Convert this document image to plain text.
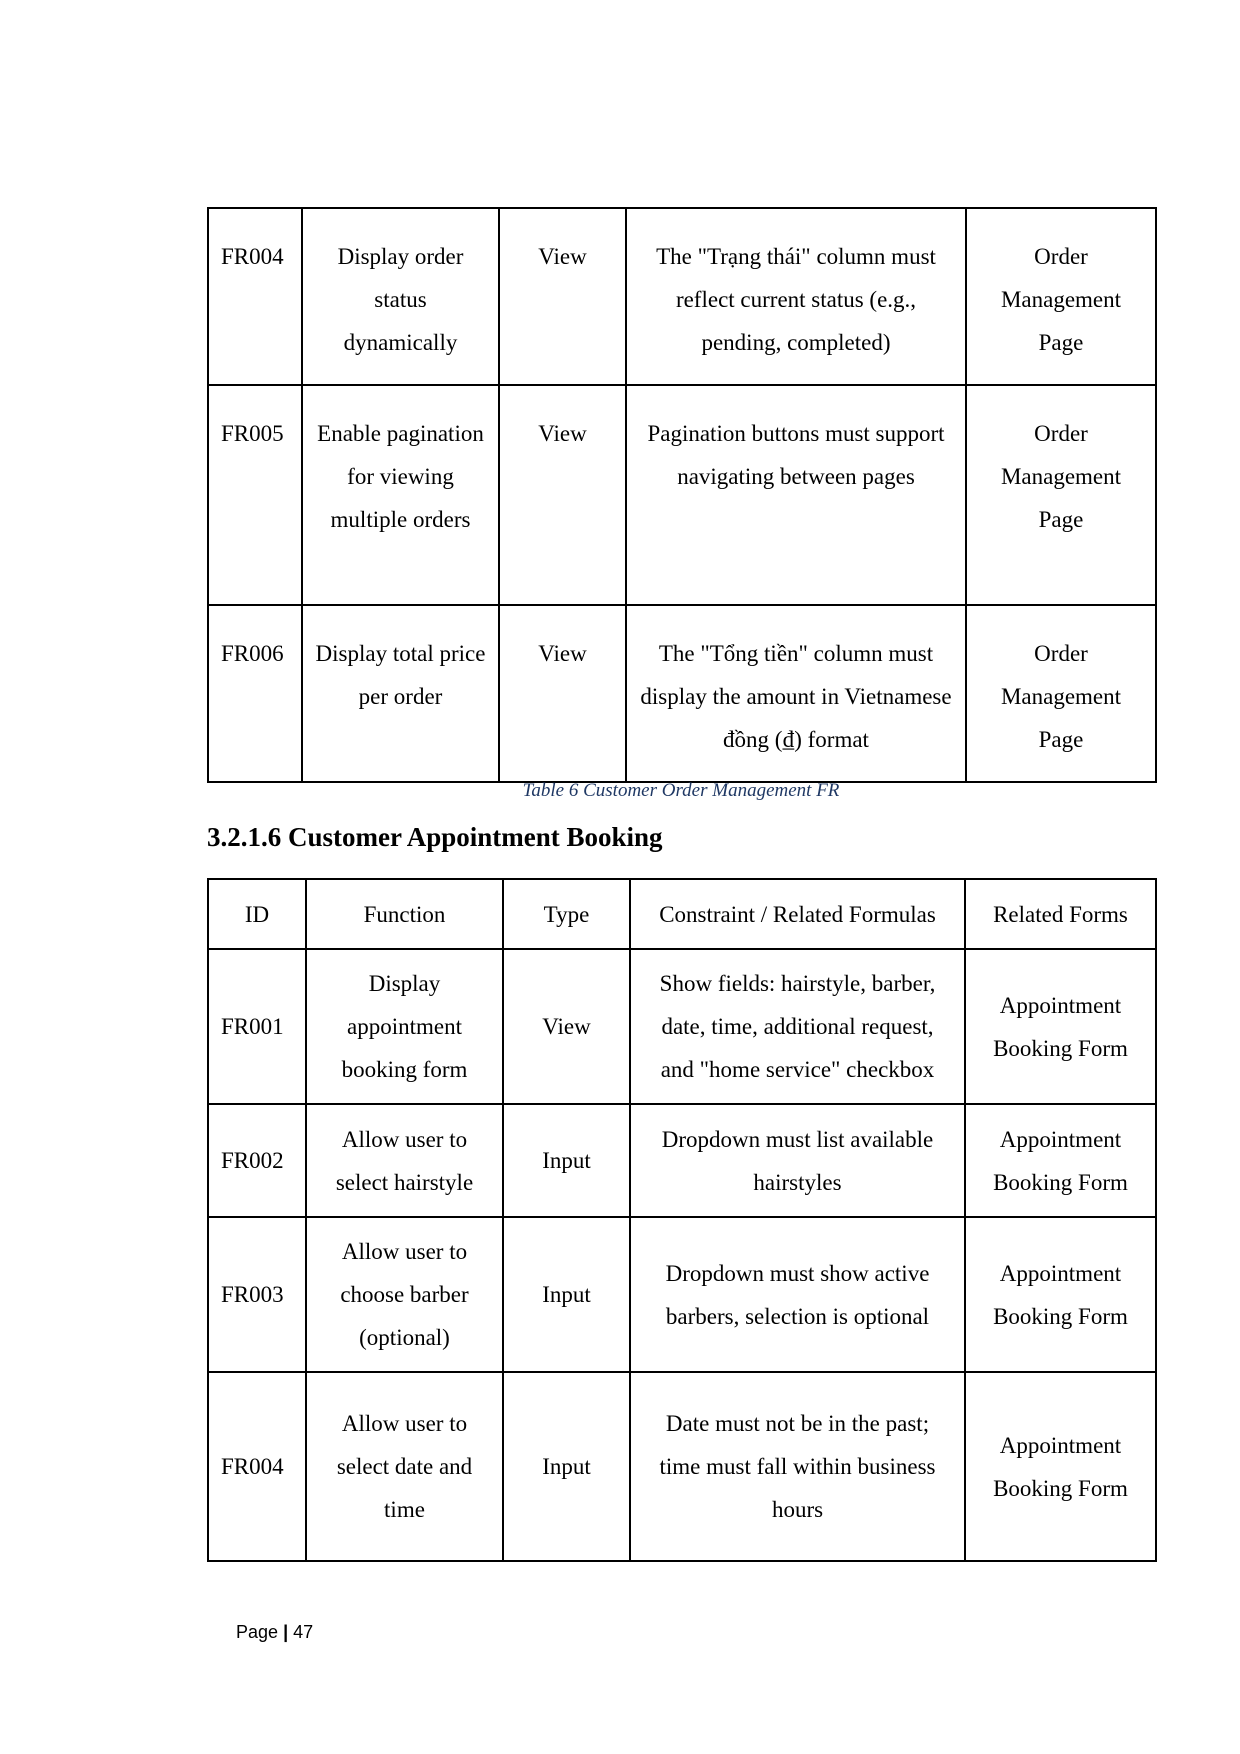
FR004	Display order status dynamically	View	The "Trạng thái" column must reflect current status (e.g., pending, completed)	Order Management Page
FR005	Enable pagination for viewing multiple orders	View	Pagination buttons must support navigating between pages	Order Management Page
FR006	Display total price per order	View	The "Tổng tiền" column must display the amount in Vietnamese đồng (₫) format	Order Management Page
Table 6 Customer Order Management FR
3.2.1.6 Customer Appointment Booking
ID	Function	Type	Constraint / Related Formulas	Related Forms
FR001	Display appointment booking form	View	Show fields: hairstyle, barber, date, time, additional request, and "home service" checkbox	Appointment Booking Form
FR002	Allow user to select hairstyle	Input	Dropdown must list available hairstyles	Appointment Booking Form
FR003	Allow user to choose barber (optional)	Input	Dropdown must show active barbers, selection is optional	Appointment Booking Form
FR004	Allow user to select date and time	Input	Date must not be in the past; time must fall within business hours	Appointment Booking Form
Page | 47
